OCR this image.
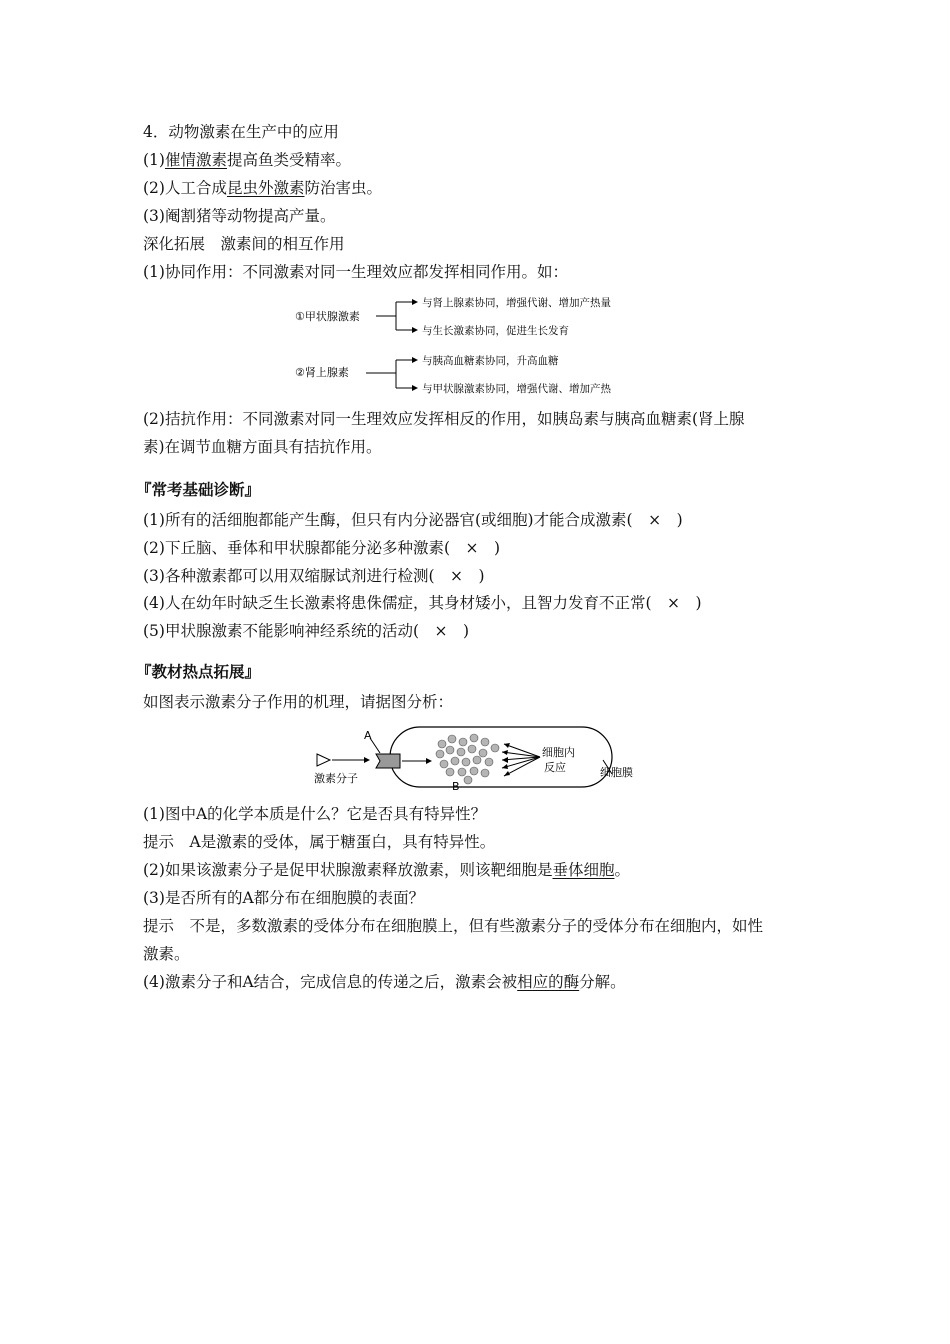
4．动物激素在生产中的应用
(1)催情激素提高鱼类受精率。
(2)人工合成昆虫外激素防治害虫。
(3)阉割猪等动物提高产量。
深化拓展　激素间的相互作用
(1)协同作用：不同激素对同一生理效应都发挥相同作用。如：
①甲状腺激素
与肾上腺素协同，增强代谢、增加产热量
与生长激素协同，促进生长发育
②肾上腺素
与胰高血糖素协同，升高血糖
与甲状腺激素协同，增强代谢、增加产热
(2)拮抗作用：不同激素对同一生理效应发挥相反的作用，如胰岛素与胰高血糖素(肾上腺
素)在调节血糖方面具有拮抗作用。
『常考基础诊断』
(1)所有的活细胞都能产生酶，但只有内分泌器官(或细胞)才能合成激素(　×　)
(2)下丘脑、垂体和甲状腺都能分泌多种激素(　×　)
(3)各种激素都可以用双缩脲试剂进行检测(　×　)
(4)人在幼年时缺乏生长激素将患侏儒症，其身材矮小，且智力发育不正常(　×　)
(5)甲状腺激素不能影响神经系统的活动(　×　)
『教材热点拓展』
如图表示激素分子作用的机理，请据图分析：
A
B
细胞内
反应
激素分子	细胞膜
(1)图中A的化学本质是什么？它是否具有特异性？
提示　A是激素的受体，属于糖蛋白，具有特异性。
(2)如果该激素分子是促甲状腺激素释放激素，则该靶细胞是垂体细胞。
(3)是否所有的A都分布在细胞膜的表面？
提示　不是，多数激素的受体分布在细胞膜上，但有些激素分子的受体分布在细胞内，如性
激素。
(4)激素分子和A结合，完成信息的传递之后，激素会被相应的酶分解。
